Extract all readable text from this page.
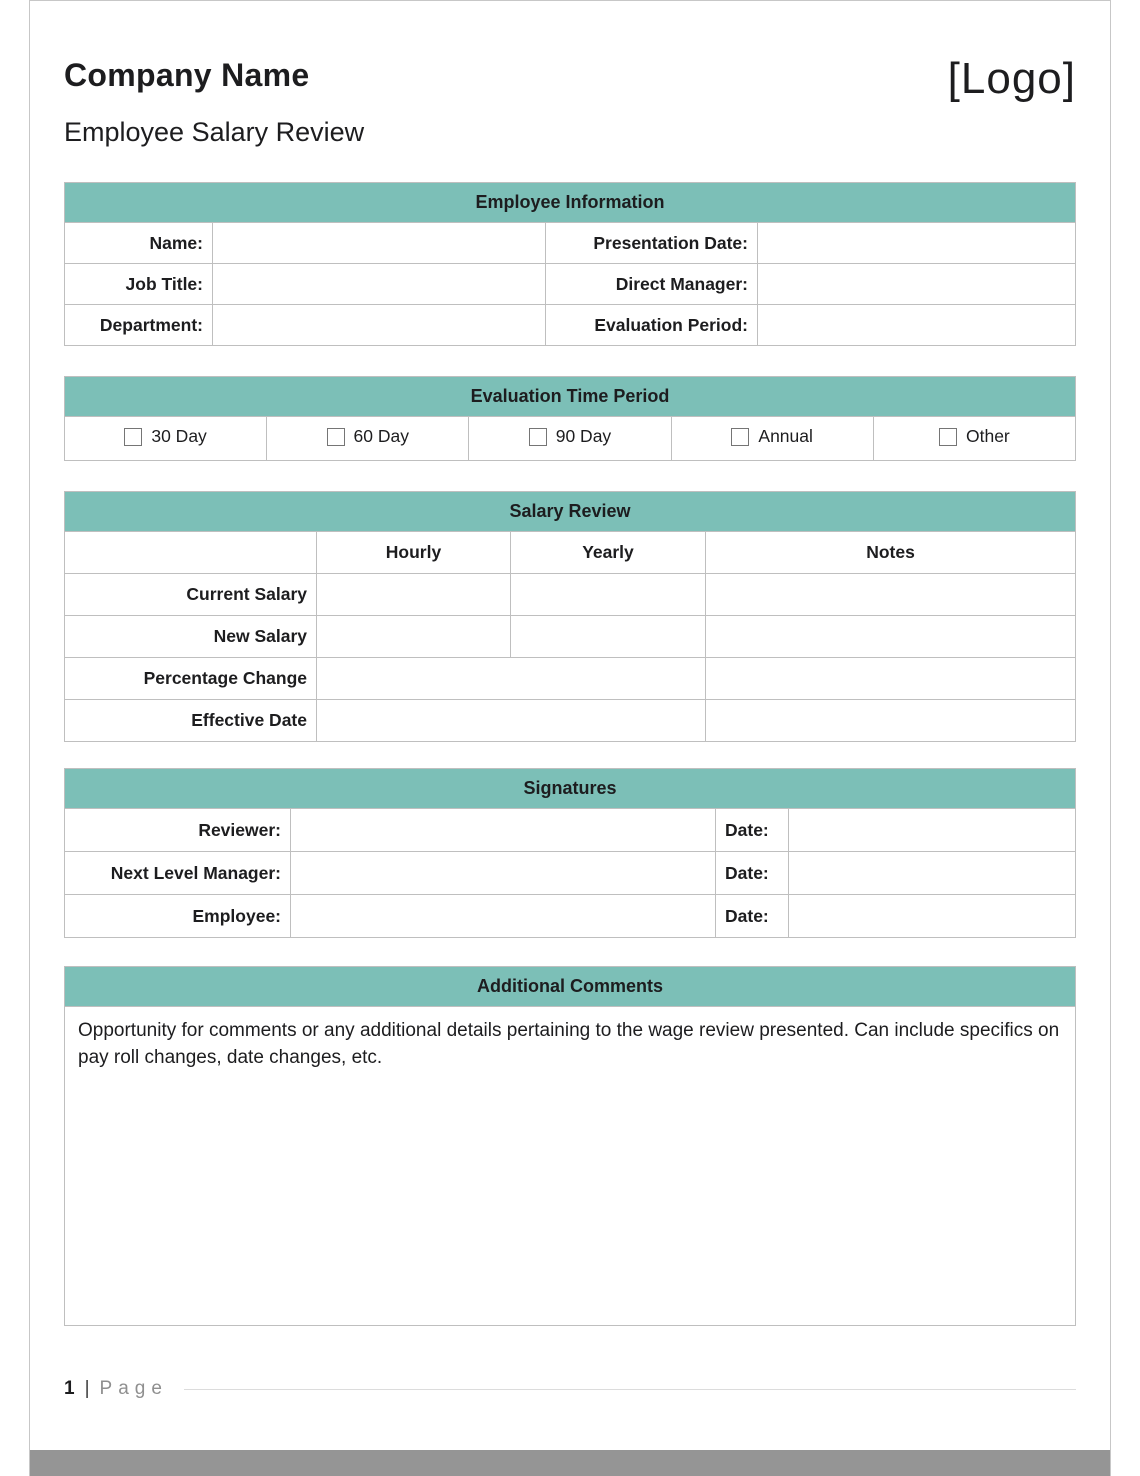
Company Name	[Logo]
Employee Salary Review
Employee Information
Name:		Presentation Date:	
Job Title:		Direct Manager:	
Department:		Evaluation Period:	
Evaluation Time Period
30 Day	60 Day	90 Day	Annual	Other
Salary Review
	Hourly	Yearly	Notes
Current Salary			
New Salary			
Percentage Change			
Effective Date			
Signatures
Reviewer:		Date:	
Next Level Manager:		Date:	
Employee:		Date:	
Additional Comments
Opportunity for comments or any additional details pertaining to the wage review presented. Can include specifics on pay roll changes, date changes, etc.
1 | Page
